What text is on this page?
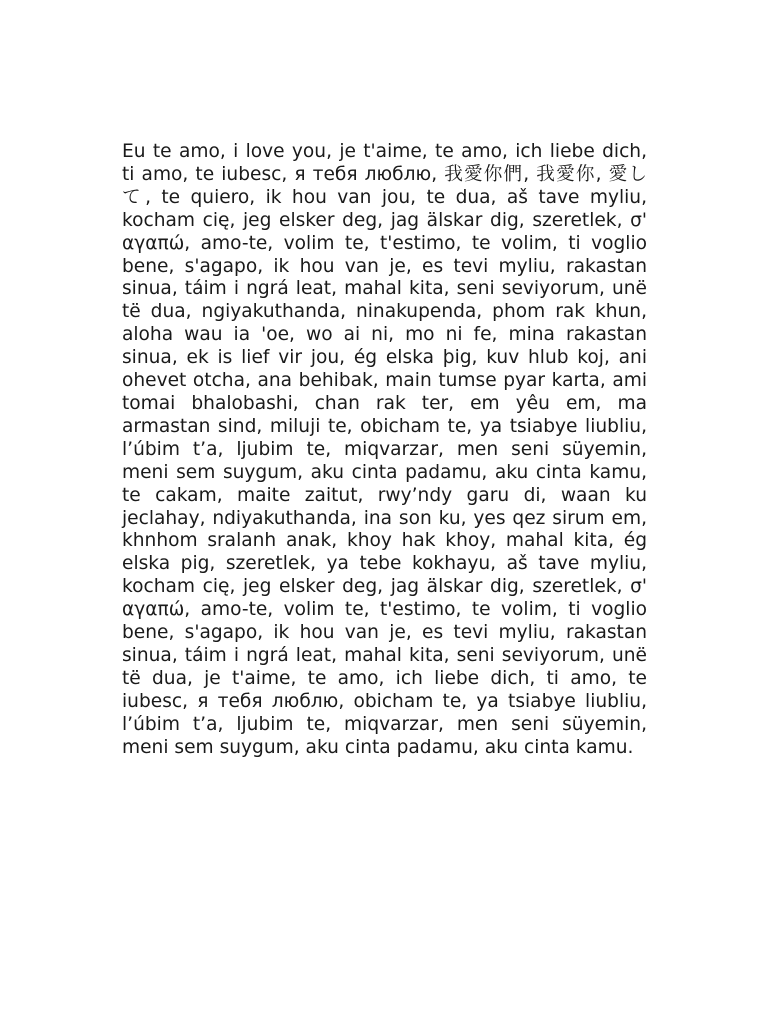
Eu te amo, i love you, je t'aime, te amo, ich liebe dich, ti amo, te iubesc, я тебя люблю, 我愛你們, 我愛你, 愛して, te quiero, ik hou van jou, te dua, aš tave myliu, kocham cię, jeg elsker deg, jag älskar dig, szeretlek, σ' αγαπώ, amo-te, volim te, t'estimo, te volim, ti voglio bene, s'agapo, ik hou van je, es tevi myliu, rakastan sinua, táim i ngrá leat, mahal kita, seni seviyorum, unë të dua, ngiyakuthanda, ninakupenda, phom rak khun, aloha wau ia 'oe, wo ai ni, mo ni fe, mina rakastan sinua, ek is lief vir jou, ég elska þig, kuv hlub koj, ani ohevet otcha, ana behibak, main tumse pyar karta, ami tomai bhalobashi, chan rak ter, em yêu em, ma armastan sind, miluji te, obicham te, ya tsiabye liubliu, l’úbim t’a, ljubim te, miqvarzar, men seni süyemin, meni sem suygum, aku cinta padamu, aku cinta kamu, te cakam, maite zaitut, rwy’ndy garu di, waan ku jeclahay, ndiyakuthanda, ina son ku, yes qez sirum em, khnhom sralanh anak, khoy hak khoy, mahal kita, ég elska pig, szeretlek, ya tebe kokhayu, aš tave myliu, kocham cię, jeg elsker deg, jag älskar dig, szeretlek, σ' αγαπώ, amo-te, volim te, t'estimo, te volim, ti voglio bene, s'agapo, ik hou van je, es tevi myliu, rakastan sinua, táim i ngrá leat, mahal kita, seni seviyorum, unë të dua, je t'aime, te amo, ich liebe dich, ti amo, te iubesc, я тебя люблю, obicham te, ya tsiabye liubliu, l’úbim t’a, ljubim te, miqvarzar, men seni süyemin, meni sem suygum, aku cinta padamu, aku cinta kamu.
